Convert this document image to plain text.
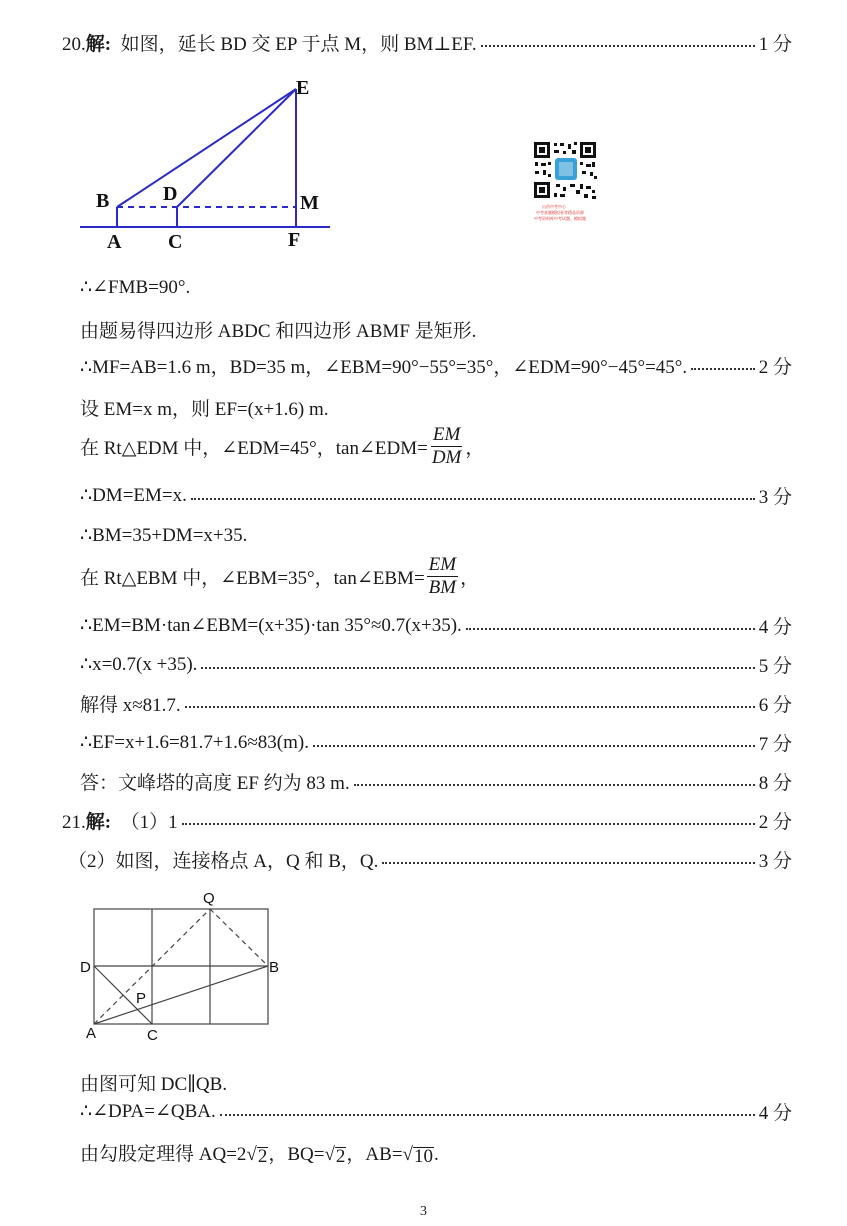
20.解: 如图，延长 BD 交 EP 于点 M，则 BM⊥EF.	1 分
E
B	D	M
A C	F
山西中考中心
中考真题模拟卷等精品资源
中考资料库中考试题、模拟题
∴∠FMB=90°.
由题易得四边形 ABDC 和四边形 ABMF 是矩形.
∴MF=AB=1.6 m，BD=35 m，∠EBM=90°−55°=35°，∠EDM=90°−45°=45°.	2 分
设 EM=x m，则 EF=(x+1.6) m.
在 Rt△EDM 中，∠EDM=45°，tan∠EDM= $\frac{EM}{DM}$ ，
∴DM=EM=x.	3 分
∴BM=35+DM=x+35.
在 Rt△EBM 中，∠EBM=35°，tan∠EBM= $\frac{EM}{BM}$ ，
∴EM=BM·tan∠EBM=(x+35)·tan 35°≈0.7(x+35).	4 分
∴x=0.7(x +35).	5 分
解得 x≈81.7.	6 分
∴EF=x+1.6=81.7+1.6≈83(m).	7 分
答：文峰塔的高度 EF 约为 83 m.	8 分
21.解: （1）1	2 分
（2）如图，连接格点 A，Q 和 B，Q.	3 分
Q
D	B
P
A	C
由图可知 DC∥QB.
∴∠DPA=∠QBA.	4 分
由勾股定理得 AQ=2 √ 2 ，BQ= √ 2 ，AB= √ 10 .
3
